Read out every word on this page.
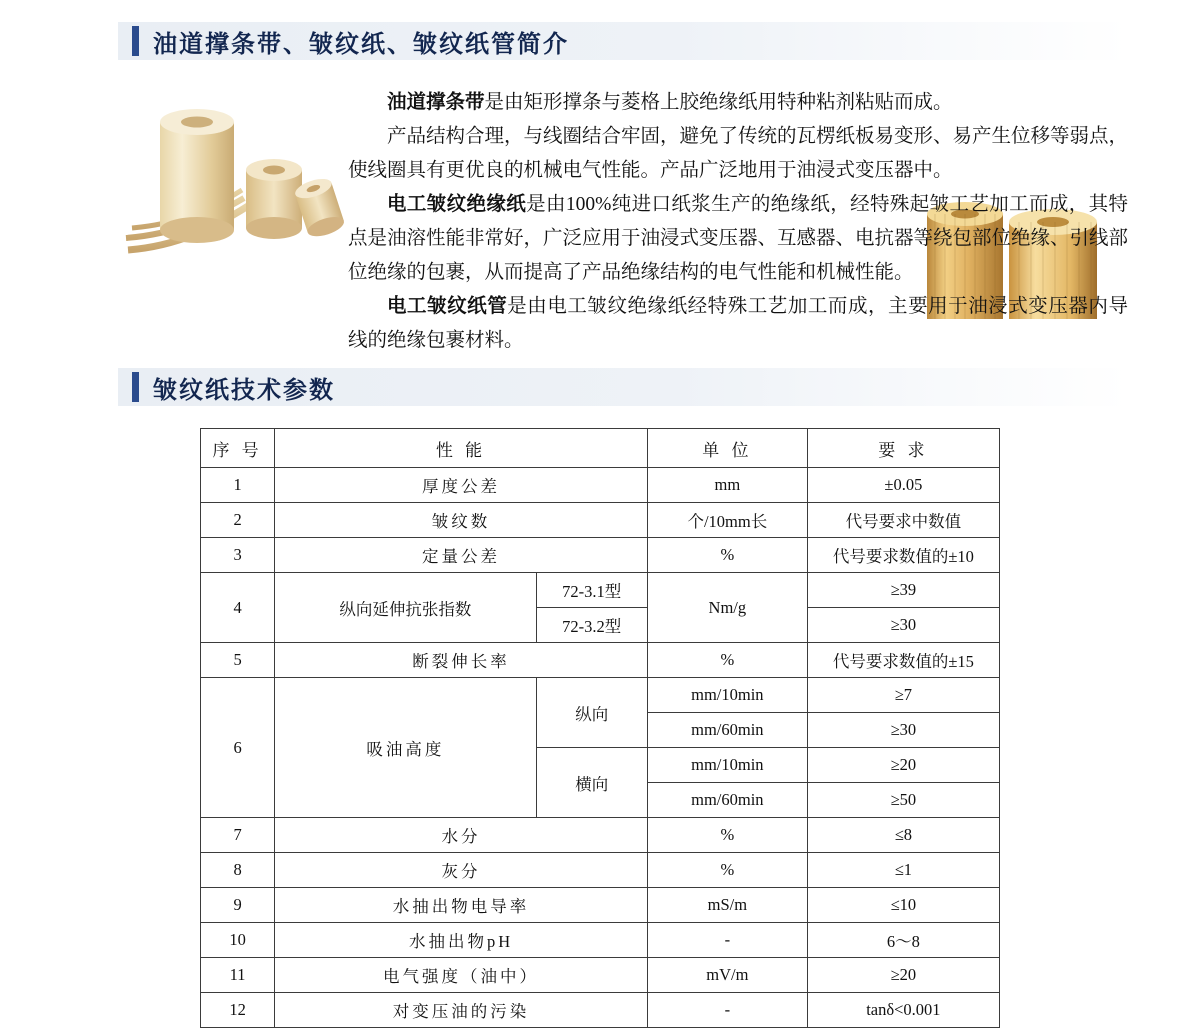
油道撑条带、皱纹纸、皱纹纸管简介

油道撑条带是由矩形撑条与菱格上胶绝缘纸用特种粘剂粘贴而成。

产品结构合理，与线圈结合牢固，避免了传统的瓦楞纸板易变形、易产生位移等弱点，使线圈具有更优良的机械电气性能。产品广泛地用于油浸式变压器中。

电工皱纹绝缘纸是由100%纯进口纸浆生产的绝缘纸，经特殊起皱工艺加工而成，其特点是油溶性能非常好，广泛应用于油浸式变压器、互感器、电抗器等绕包部位绝缘、引线部位绝缘的包裹，从而提高了产品绝缘结构的电气性能和机械性能。

电工皱纹纸管是由电工皱纹绝缘纸经特殊工艺加工而成，主要用于油浸式变压器内导线的绝缘包裹材料。

皱纹纸技术参数
序 号	性 能		单 位	要 求
1	厚度公差		mm	±0.05
2	皱纹数		个/10mm长	代号要求中数值
3	定量公差		%	代号要求数值的±10
4	纵向延伸抗张指数	72-3.1型	Nm/g	≥39
		72-3.2型		≥30
5	断裂伸长率		%	代号要求数值的±15
6	吸油高度	纵向	mm/10min	≥7
			mm/60min	≥30
		横向	mm/10min	≥20
			mm/60min	≥50
7	水分		%	≤8
8	灰分		%	≤1
9	水抽出物电导率		mS/m	≤10
10	水抽出物pH		-	6～8
11	电气强度（油中）		mV/m	≥20
12	对变压油的污染		-	tanδ<0.001
